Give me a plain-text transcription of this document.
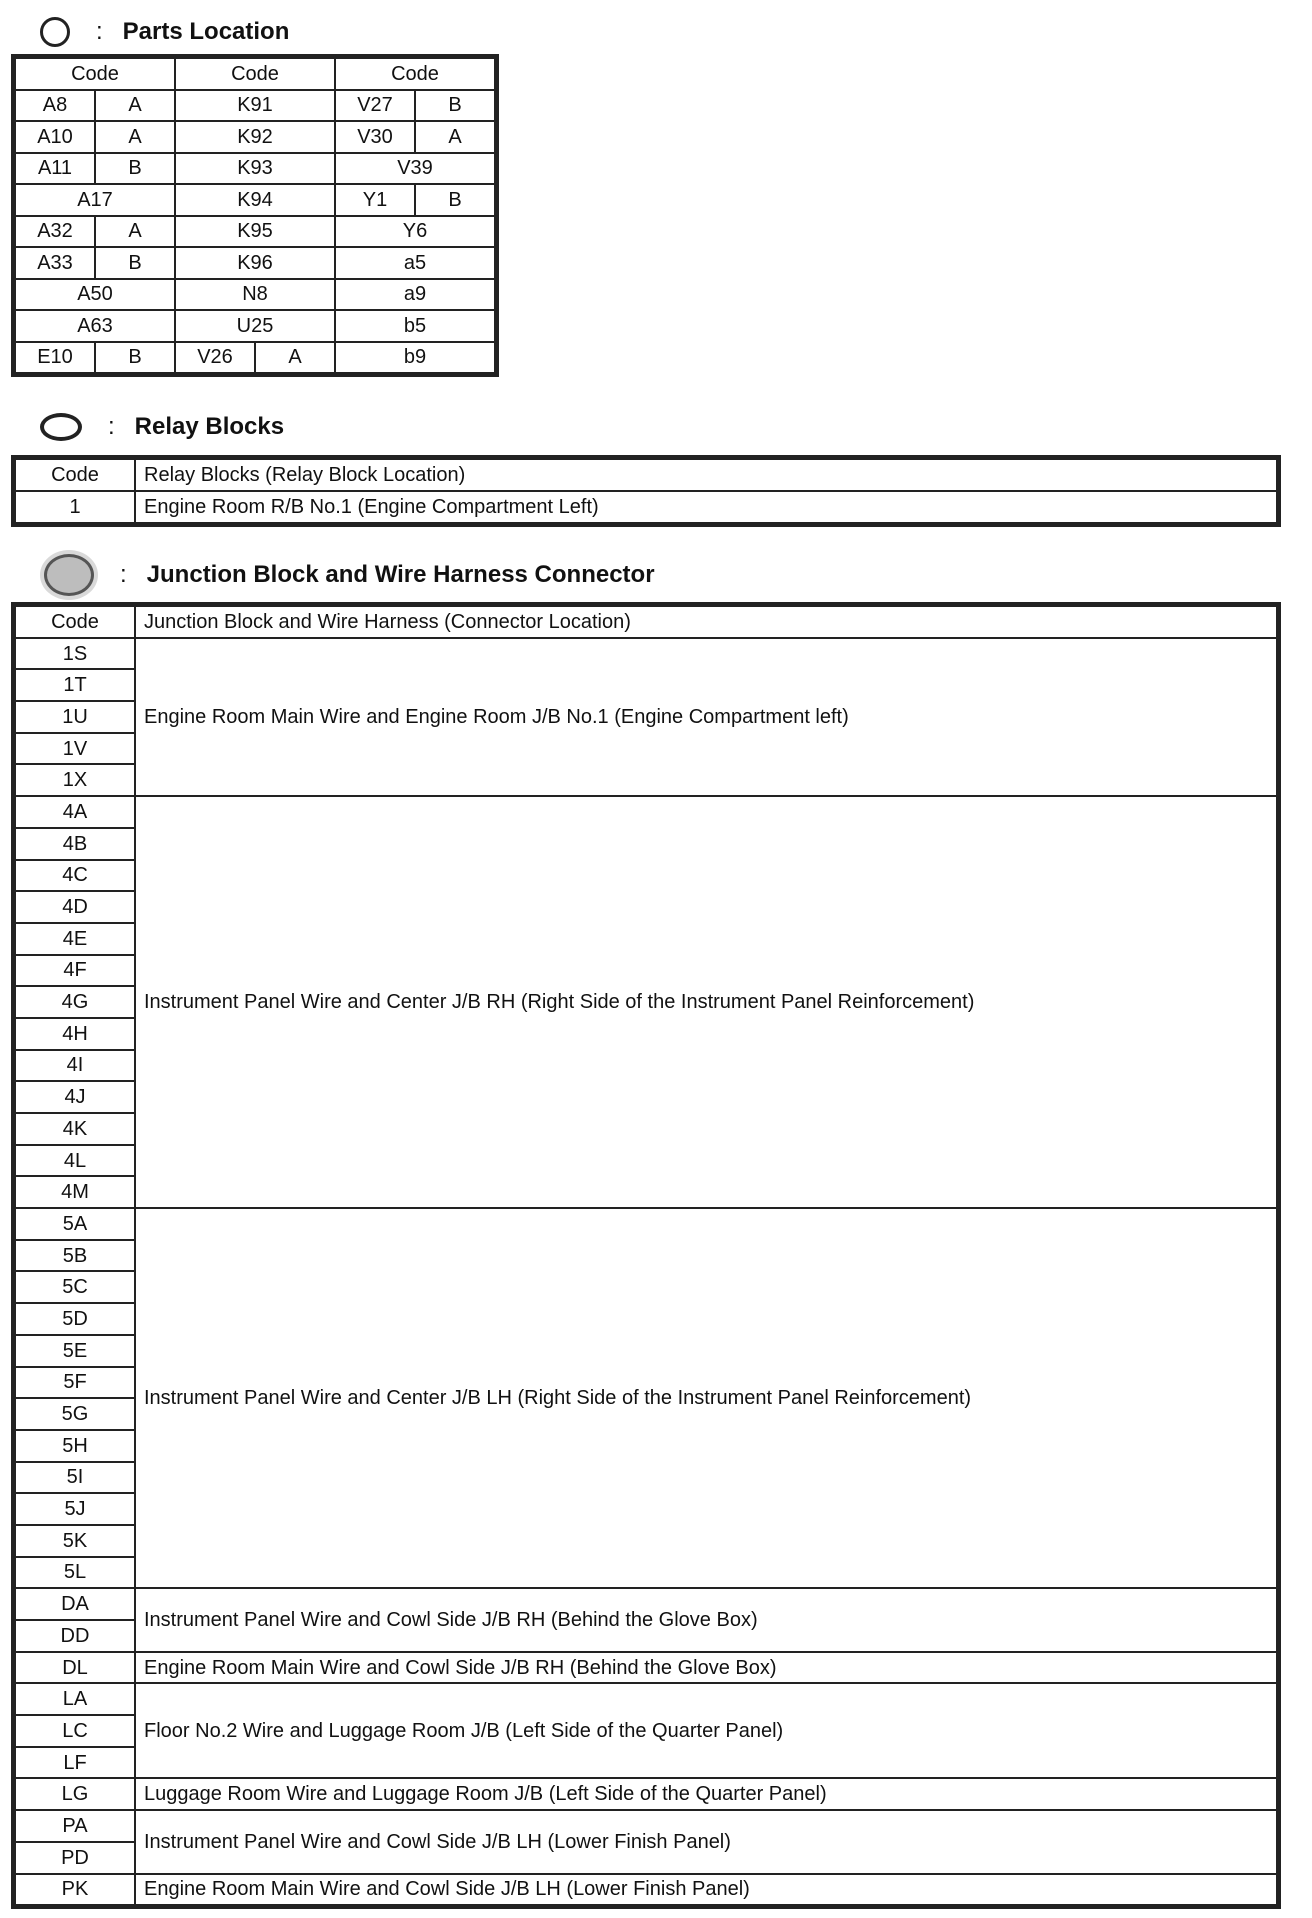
: Parts Location
Code		Code		Code	
A8	A	K91		V27	B
A10	A	K92		V30	A
A11	B	K93		V39	
A17		K94		Y1	B
A32	A	K95		Y6	
A33	B	K96		a5	
A50		N8		a9	
A63		U25		b5	
E10	B	V26	A	b9	
: Relay Blocks
Code	Relay Blocks (Relay Block Location)
1	Engine Room R/B No.1 (Engine Compartment Left)
: Junction Block and Wire Harness Connector
Code	Junction Block and Wire Harness (Connector Location)
1S	Engine Room Main Wire and Engine Room J/B No.1 (Engine Compartment left)
1T	
1U	
1V	
1X	
4A	Instrument Panel Wire and Center J/B RH (Right Side of the Instrument Panel Reinforcement)
4B	
4C	
4D	
4E	
4F	
4G	
4H	
4I	
4J	
4K	
4L	
4M	
5A	Instrument Panel Wire and Center J/B LH (Right Side of the Instrument Panel Reinforcement)
5B	
5C	
5D	
5E	
5F	
5G	
5H	
5I	
5J	
5K	
5L	
DA	Instrument Panel Wire and Cowl Side J/B RH (Behind the Glove Box)
DD	
DL	Engine Room Main Wire and Cowl Side J/B RH (Behind the Glove Box)
LA	Floor No.2 Wire and Luggage Room J/B (Left Side of the Quarter Panel)
LC	
LF	
LG	Luggage Room Wire and Luggage Room J/B (Left Side of the Quarter Panel)
PA	Instrument Panel Wire and Cowl Side J/B LH (Lower Finish Panel)
PD	
PK	Engine Room Main Wire and Cowl Side J/B LH (Lower Finish Panel)
